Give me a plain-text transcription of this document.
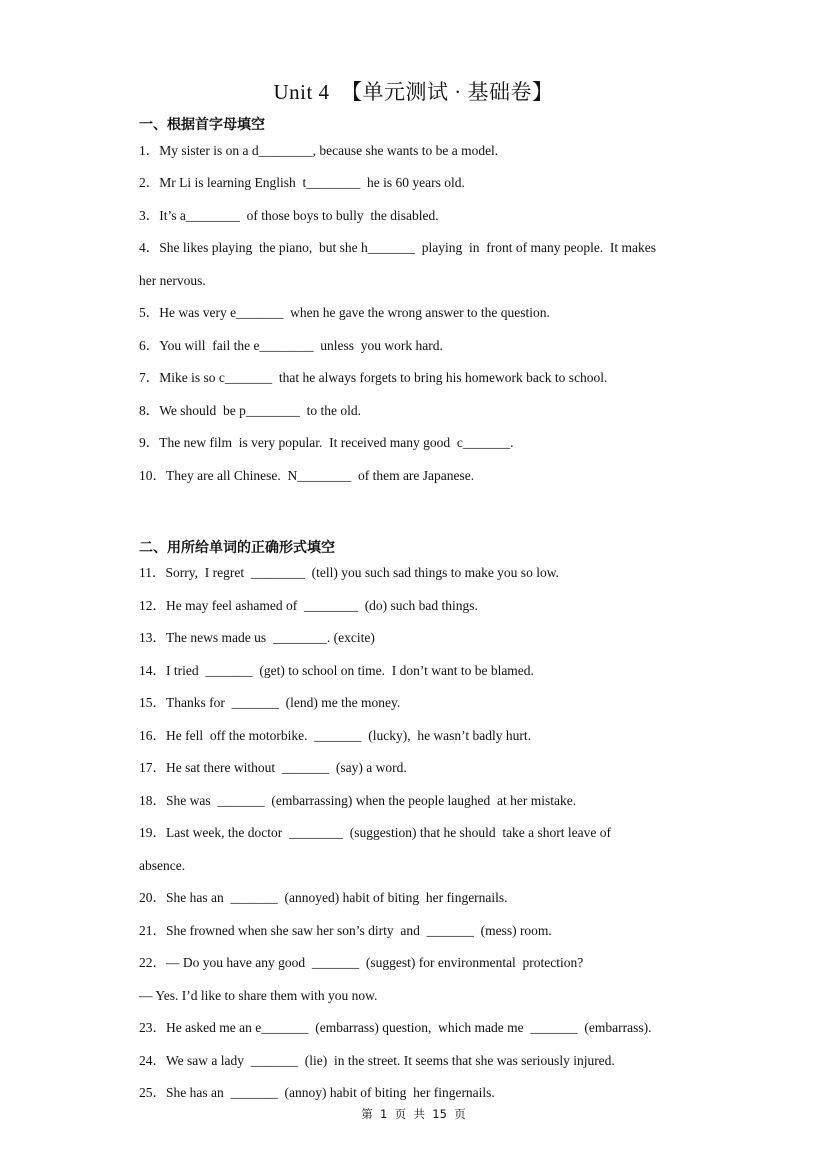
Unit 4  【单元测试 · 基础卷】
一、根据首字母填空
1．My sister is on a d________, because she wants to be a model.
2．Mr Li is learning English  t________  he is 60 years old.
3．It’s a________  of those boys to bully  the disabled.
4．She likes playing  the piano,  but she h_______  playing  in  front of many people.  It makes
her nervous.
5．He was very e_______  when he gave the wrong answer to the question.
6．You will  fail the e________  unless  you work hard.
7．Mike is so c_______  that he always forgets to bring his homework back to school.
8．We should  be p________  to the old.
9．The new film  is very popular.  It received many good  c_______.
10．They are all Chinese.  N________  of them are Japanese.
二、用所给单词的正确形式填空
11．Sorry,  I regret  ________  (tell) you such sad things to make you so low.
12．He may feel ashamed of  ________  (do) such bad things.
13．The news made us  ________. (excite)
14．I tried  _______  (get) to school on time.  I don’t want to be blamed.
15．Thanks for  _______  (lend) me the money.
16．He fell  off the motorbike.  _______  (lucky),  he wasn’t badly hurt.
17．He sat there without  _______  (say) a word.
18．She was  _______  (embarrassing) when the people laughed  at her mistake.
19．Last week, the doctor  ________  (suggestion) that he should  take a short leave of
absence.
20．She has an  _______  (annoyed) habit of biting  her fingernails.
21．She frowned when she saw her son’s dirty  and  _______  (mess) room.
22．— Do you have any good  _______  (suggest) for environmental  protection?
— Yes. I’d like to share them with you now.
23．He asked me an e_______  (embarrass) question,  which made me  _______  (embarrass).
24．We saw a lady  _______  (lie)  in the street. It seems that she was seriously injured.
25．She has an  _______  (annoy) habit of biting  her fingernails.
第  1  页  共  15  页
